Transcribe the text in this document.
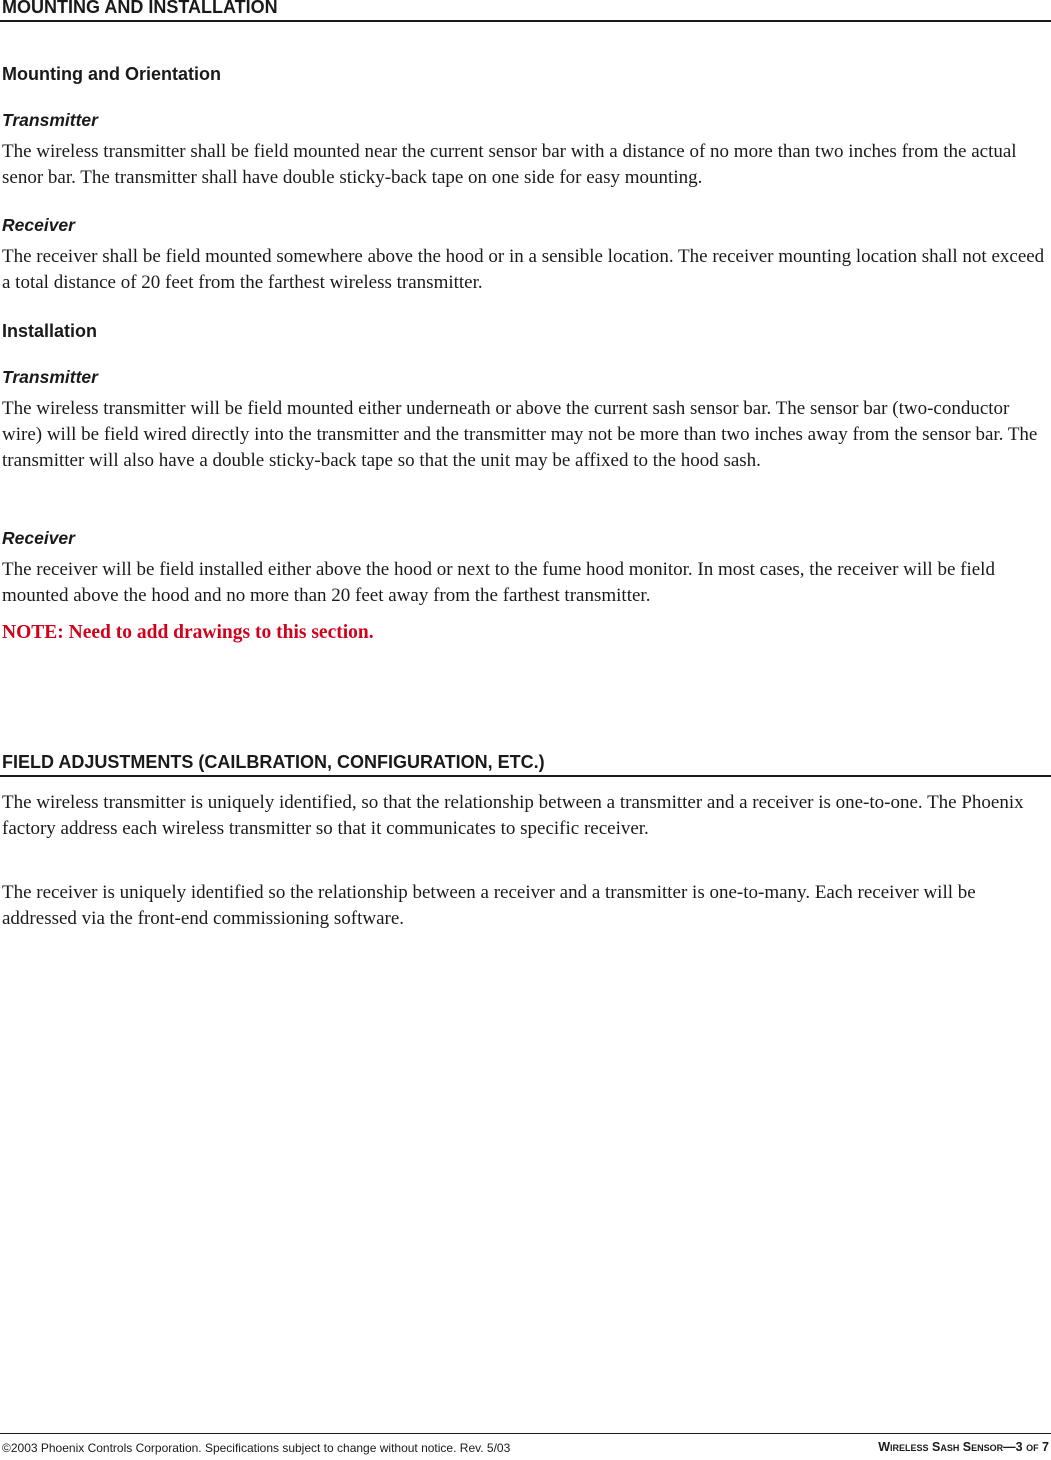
MOUNTING AND INSTALLATION
Mounting and Orientation
Transmitter

The wireless transmitter shall be field mounted near the current sensor bar with a distance of no more than two inches from the actual senor bar. The transmitter shall have double sticky-back tape on one side for easy mounting.

Receiver

The receiver shall be field mounted somewhere above the hood or in a sensible location. The receiver mounting location shall not exceed a total distance of 20 feet from the farthest wireless transmitter.

Installation
Transmitter

The wireless transmitter will be field mounted either underneath or above the current sash sensor bar. The sensor bar (two-conductor wire) will be field wired directly into the transmitter and the transmitter may not be more than two inches away from the sensor bar. The transmitter will also have a double sticky-back tape so that the unit may be affixed to the hood sash.

Receiver

The receiver will be field installed either above the hood or next to the fume hood monitor. In most cases, the receiver will be field mounted above the hood and no more than 20 feet away from the farthest transmitter.

NOTE: Need to add drawings to this section.

FIELD ADJUSTMENTS (CAILBRATION, CONFIGURATION, ETC.)

The wireless transmitter is uniquely identified, so that the relationship between a transmitter and a receiver is one-to-one. The Phoenix factory address each wireless transmitter so that it communicates to specific receiver.

The receiver is uniquely identified so the relationship between a receiver and a transmitter is one-to-many. Each receiver will be addressed via the front-end commissioning software.

©2003 Phoenix Controls Corporation. Specifications subject to change without notice. Rev. 5/03	Wireless Sash Sensor—3 of 7
